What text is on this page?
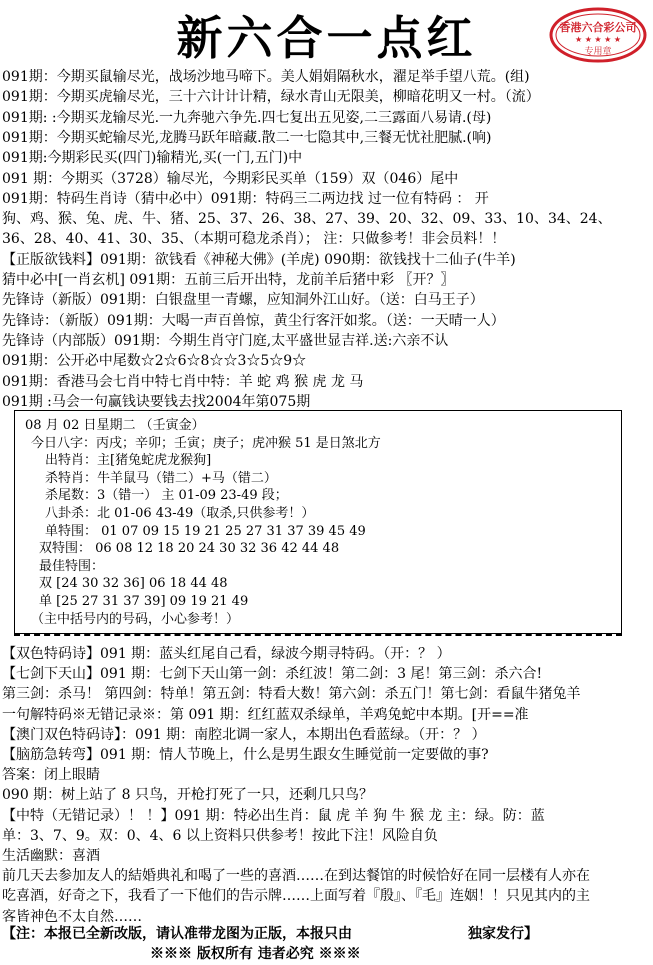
新六合一点红	香港六合彩公司
★ ★ ★ ★ ★
专用章
091期：今期买鼠输尽光，战场沙地马啼下。美人娟娟隔秋水，濯足举手望八荒。(组)
091期：今期买虎输尽光，三十六计计计精，绿水青山无限美，柳暗花明又一村。（流）
091期: :今期买龙输尽光.一九奔驰六争先.四七复出五见姿,二三露面八易请.(母)
091期：今期买蛇输尽光,龙腾马跃年暗藏.散二一七隐其中,三餐无忧社肥腻.(响)
091期:今期彩民买(四门)输精光,买(一门,五门)中
091 期：今期买（3728）输尽光，今期彩民买单（159）双（046）尾中
091期：特码生肖诗（猜中必中）091期：特码三二两边找 过一位有特码 ： 开
狗、鸡、猴、兔、虎、牛、猪、25、37、26、38、27、39、20、32、09、33、10、34、24、
36、28、40、41、30、35、（本期可稳龙杀肖）； 注：只做参考！非会员料！！
【正版欲钱料】091期：欲钱看《神秘大佛》(羊虎) 090期：欲钱找十二仙子(牛羊)
猜中必中[一肖玄机] 091期：五前三后开出特，龙前羊后猪中彩 〖开？〗
先锋诗（新版）091期：白银盘里一青螺，应知洞外江山好。（送：白马王子）
先锋诗：（新版）091期：大喝一声百兽惊，黄尘行客汗如浆。（送：一天晴一人）
先锋诗（内部版）091期：今期生肖守门庭,太平盛世显吉祥.送:六亲不认
091期：公开必中尾数☆2☆6☆8☆☆3☆5☆9☆
091期：香港马会七肖中特七肖中特：羊 蛇 鸡 猴 虎 龙 马
091期 :马会一句赢钱诀要钱去找2004年第075期
08 月 02 日星期二 （壬寅金）
今日八字：丙戌；辛卯；壬寅；庚子；虎冲猴 51 是日煞北方
出特肖：主[猪兔蛇虎龙猴狗]
杀特肖：牛羊鼠马（错二）+马（错二）
杀尾数：3（错一） 主 01-09 23-49 段；
八卦杀：北 01-06 43-49（取杀,只供参考！）
单特围： 01 07 09 15 19 21 25 27 31 37 39 45 49
双特围： 06 08 12 18 20 24 30 32 36 42 44 48
最佳特围：
双 [24 30 32 36] 06 18 44 48
单 [25 27 31 37 39] 09 19 21 49
（主中括号内的号码，小心参考！）
【双色特码诗】091 期：蓝头红尾自己看，绿波今期寻特码。（开：？ ）
【七剑下天山】091 期：七剑下天山第一剑：杀红波！第二剑：3 尾！第三剑：杀六合!
第三剑：杀马！ 第四剑：特单！第五剑：特看大数！第六剑：杀五门！第七剑：看鼠牛猪兔羊
一句解特码※无错记录※：第 091 期：红红蓝双杀绿单，羊鸡兔蛇中本期。[开==准
【澳门双色特码诗】：091 期：南腔北调一家人，本期出色看蓝绿。（开：？ ）
【脑筋急转弯】091 期：情人节晚上，什么是男生跟女生睡觉前一定要做的事?
答案：闭上眼睛
090 期：树上站了 8 只鸟，开枪打死了一只，还剩几只鸟？
【中特（无错记录）！ ！】091 期：特必出生肖：鼠 虎 羊 狗 牛 猴 龙 主：绿。防：蓝
单：3、7、9。双：0、4、6 以上资料只供参考！按此下注！风险自负
生活幽默：喜酒
前几天去参加友人的結婚典礼和喝了一些的喜酒……在到达餐馆的时候恰好在同一层楼有人亦在
吃喜酒，好奇之下，我看了一下他们的告示牌……上面写着『殷』、『毛』连姻！！只见其内的主
客皆神色不太自然……
【注：本报已全新改版，请认准带龙图为正版，本报只由	独家发行】
※※※ 版权所有 违者必究 ※※※
